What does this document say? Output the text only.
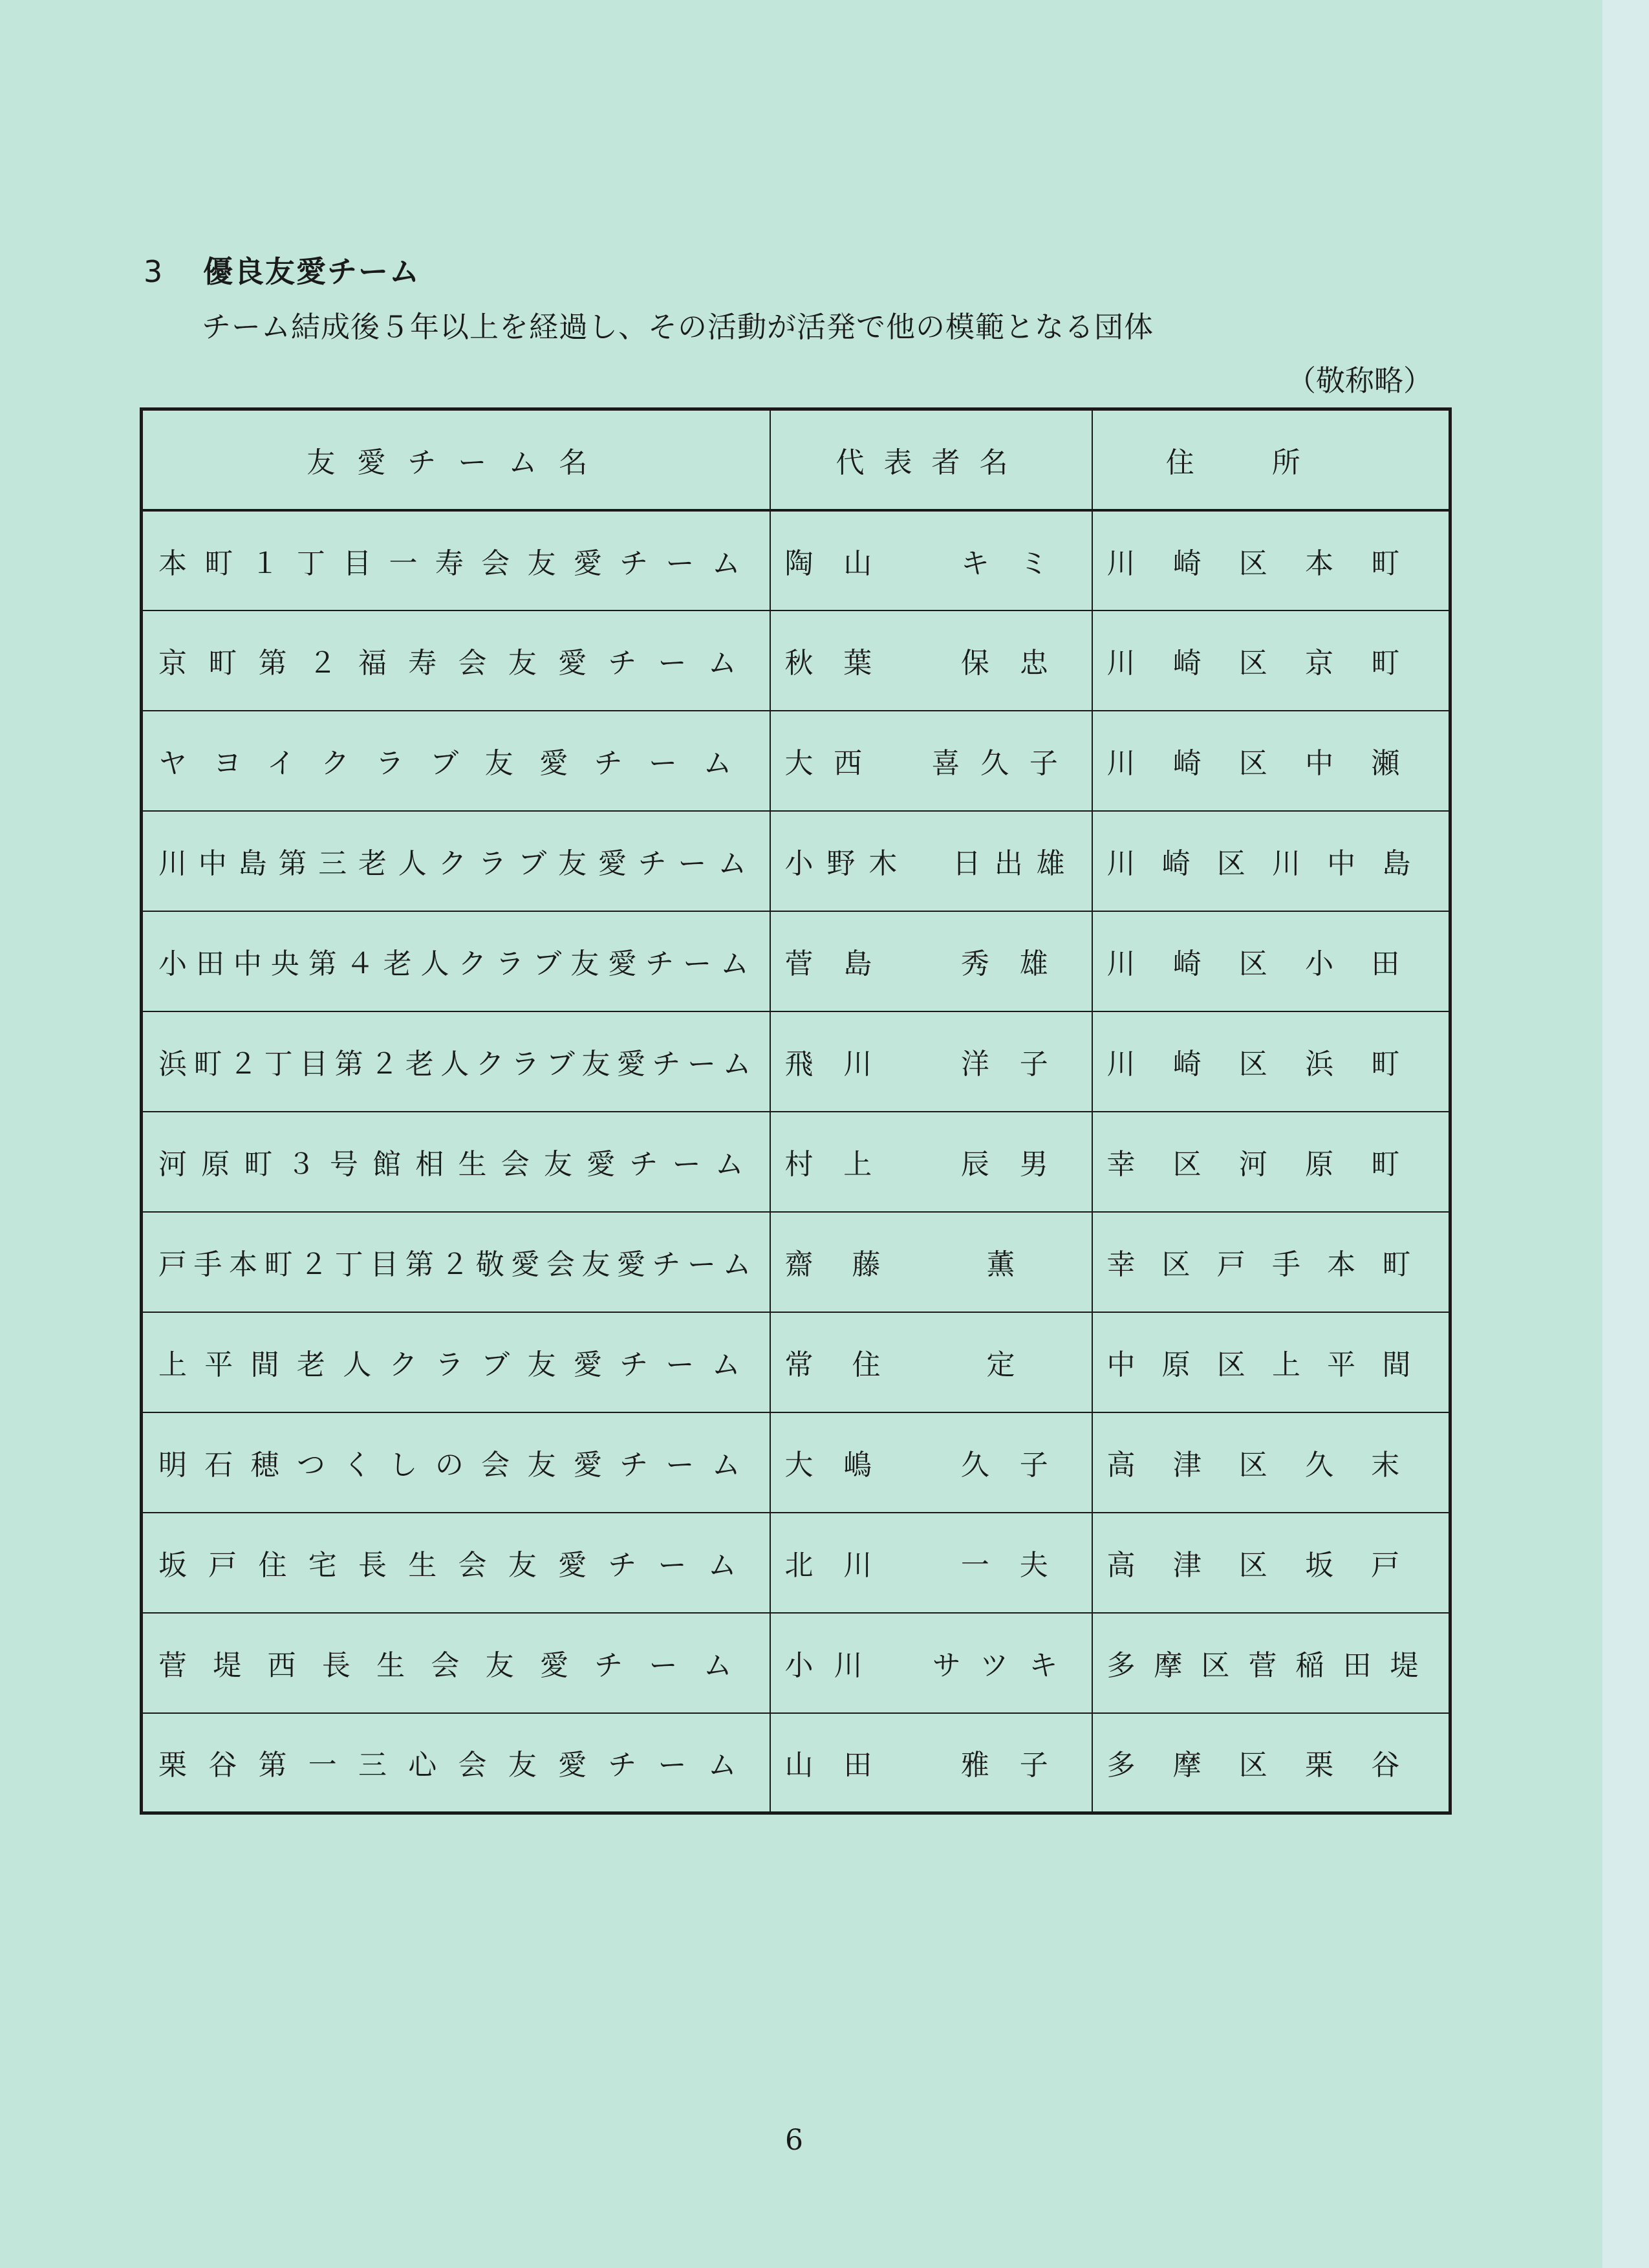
3 優良友愛チーム
チーム結成後５年以上を経過し、その活動が活発で他の模範となる団体
（敬称略）
友愛チーム名	代表者名	住所

本町１丁目一寿会友愛チーム	陶山　キミ	川崎区本町

京町第２福寿会友愛チーム	秋葉　保忠	川崎区京町

ヤヨイクラブ友愛チーム	大西　喜久子	川崎区中瀬

川中島第三老人クラブ友愛チーム	小野木　日出雄	川崎区川中島

小田中央第４老人クラブ友愛チーム	菅島　秀雄	川崎区小田

浜町２丁目第２老人クラブ友愛チーム	飛川　洋子	川崎区浜町

河原町３号館相生会友愛チーム	村上　辰男	幸区河原町

戸手本町２丁目第２敬愛会友愛チーム	齋藤　薫	幸区戸手本町

上平間老人クラブ友愛チーム	常住　定	中原区上平間

明石穂つくしの会友愛チーム	大嶋　久子	高津区久末

坂戸住宅長生会友愛チーム	北川　一夫	高津区坂戸

菅堤西長生会友愛チーム	小川　サツキ	多摩区菅稲田堤

栗谷第一三心会友愛チーム	山田　雅子	多摩区栗谷
6
